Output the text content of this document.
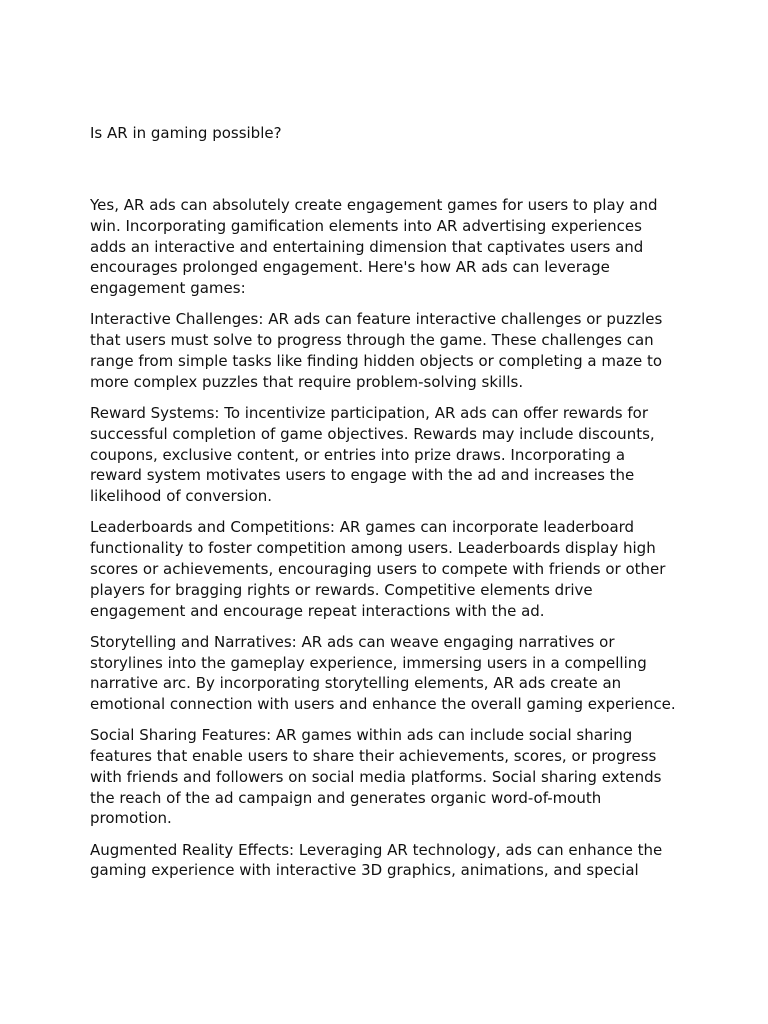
Is AR in gaming possible?

Yes, AR ads can absolutely create engagement games for users to play and win. Incorporating gamification elements into AR advertising experiences adds an interactive and entertaining dimension that captivates users and encourages prolonged engagement. Here's how AR ads can leverage engagement games:

Interactive Challenges: AR ads can feature interactive challenges or puzzles that users must solve to progress through the game. These challenges can range from simple tasks like finding hidden objects or completing a maze to more complex puzzles that require problem-solving skills.

Reward Systems: To incentivize participation, AR ads can offer rewards for successful completion of game objectives. Rewards may include discounts, coupons, exclusive content, or entries into prize draws. Incorporating a reward system motivates users to engage with the ad and increases the likelihood of conversion.

Leaderboards and Competitions: AR games can incorporate leaderboard functionality to foster competition among users. Leaderboards display high scores or achievements, encouraging users to compete with friends or other players for bragging rights or rewards. Competitive elements drive engagement and encourage repeat interactions with the ad.

Storytelling and Narratives: AR ads can weave engaging narratives or storylines into the gameplay experience, immersing users in a compelling narrative arc. By incorporating storytelling elements, AR ads create an emotional connection with users and enhance the overall gaming experience.

Social Sharing Features: AR games within ads can include social sharing features that enable users to share their achievements, scores, or progress with friends and followers on social media platforms. Social sharing extends the reach of the ad campaign and generates organic word-of-mouth promotion.

Augmented Reality Effects: Leveraging AR technology, ads can enhance the gaming experience with interactive 3D graphics, animations, and special
